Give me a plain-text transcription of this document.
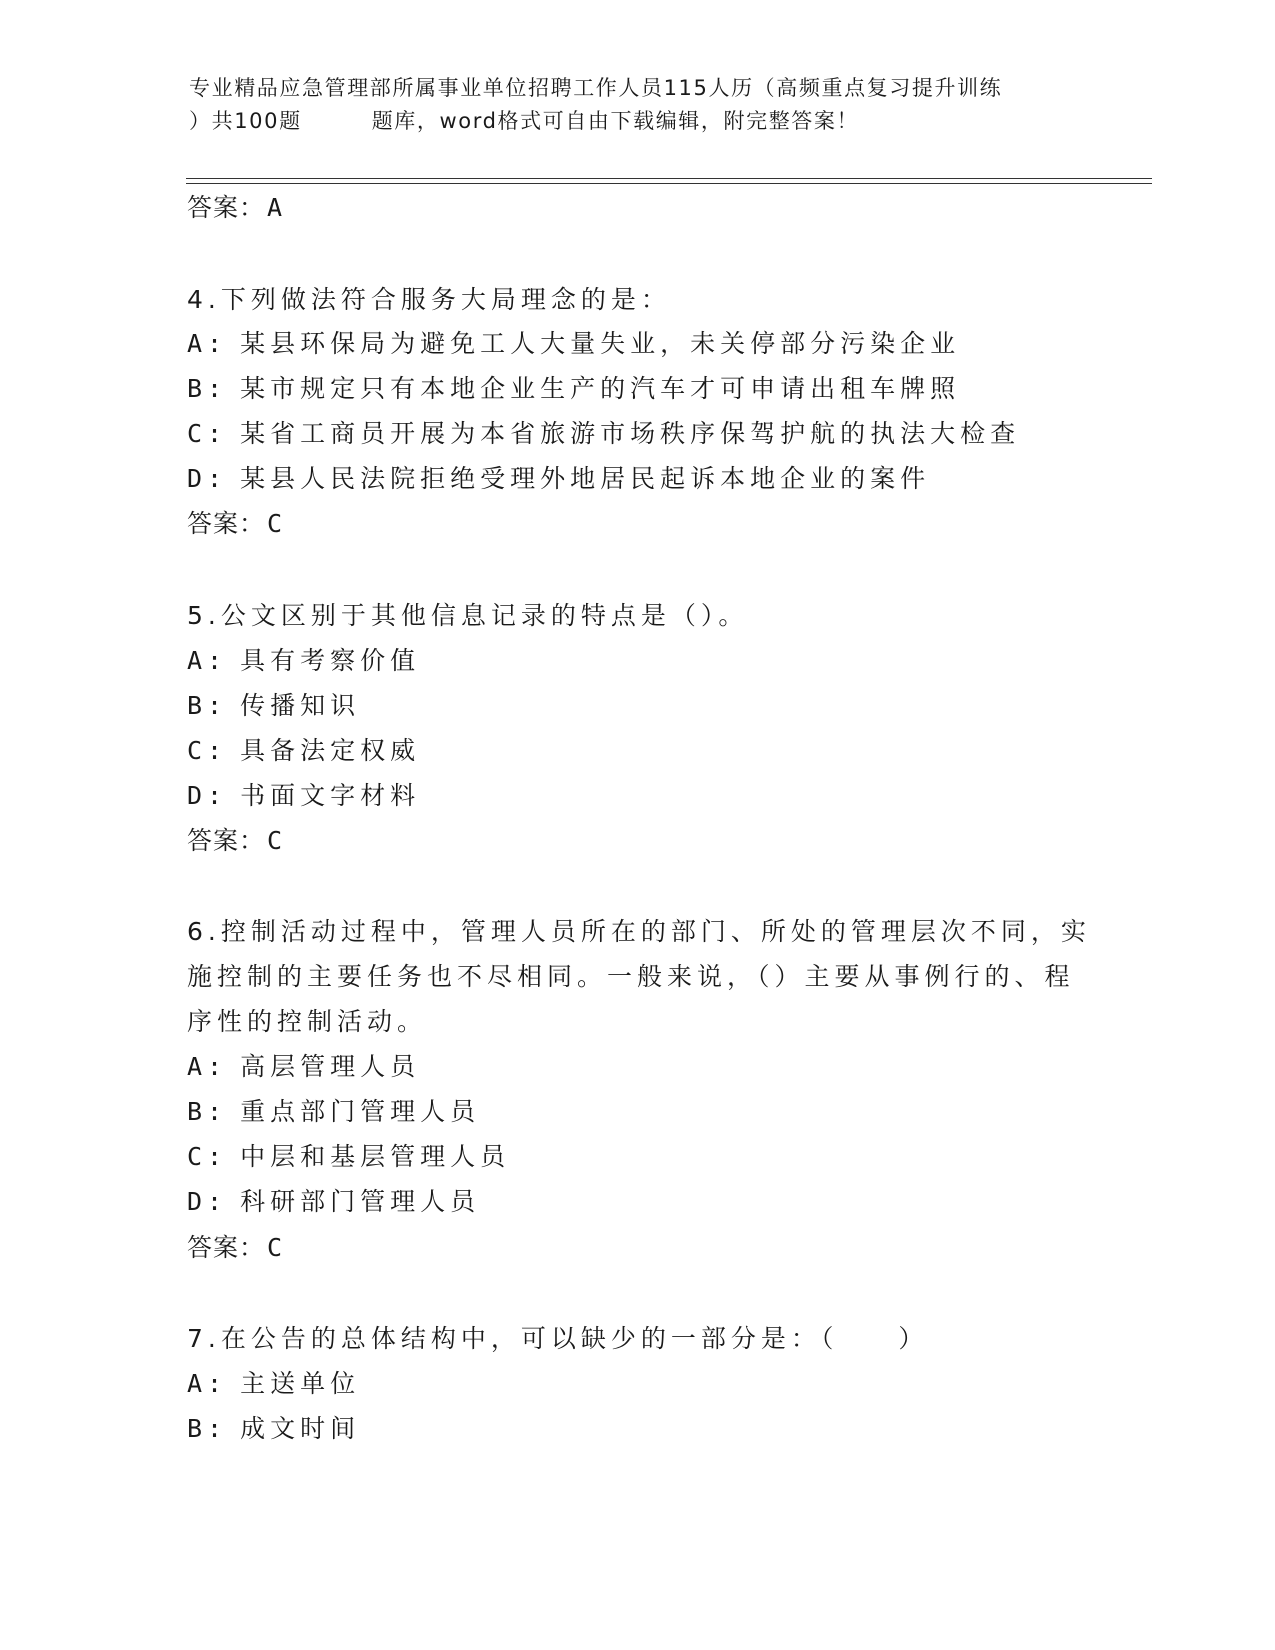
专业精品应急管理部所属事业单位招聘工作人员115人历（高频重点复习提升训练
）共100题	题库，word格式可自由下载编辑，附完整答案！
答案：A
4.下列做法符合服务大局理念的是：
A: 某县环保局为避免工人大量失业，未关停部分污染企业
B: 某市规定只有本地企业生产的汽车才可申请出租车牌照
C: 某省工商员开展为本省旅游市场秩序保驾护航的执法大检查
D: 某县人民法院拒绝受理外地居民起诉本地企业的案件
答案：C
5.公文区别于其他信息记录的特点是（）。
A: 具有考察价值
B: 传播知识
C: 具备法定权威
D: 书面文字材料
答案：C
6.控制活动过程中，管理人员所在的部门、所处的管理层次不同，实
施控制的主要任务也不尽相同。一般来说，（）主要从事例行的、程
序性的控制活动。
A: 高层管理人员
B: 重点部门管理人员
C: 中层和基层管理人员
D: 科研部门管理人员
答案：C
7.在公告的总体结构中，可以缺少的一部分是：（　　）
A: 主送单位
B: 成文时间
